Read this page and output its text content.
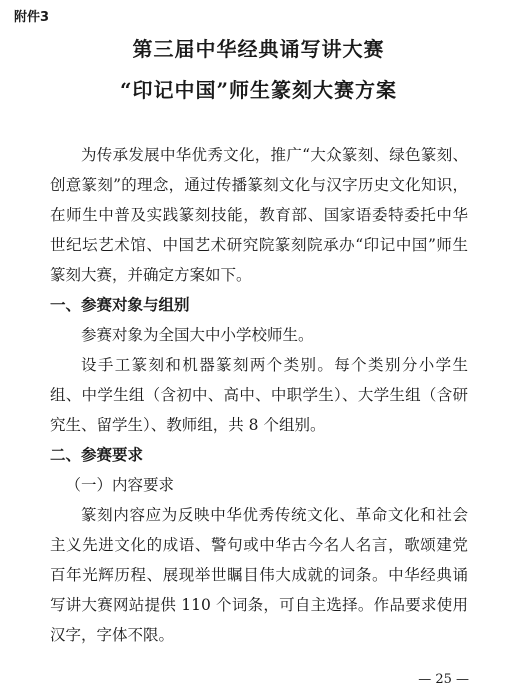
附件3
第三届中华经典诵写讲大赛
“印记中国”师生篆刻大赛方案

为传承发展中华优秀文化，推广“大众篆刻、绿色篆刻、创意篆刻”的理念，通过传播篆刻文化与汉字历史文化知识，在师生中普及实践篆刻技能，教育部、国家语委特委托中华世纪坛艺术馆、中国艺术研究院篆刻院承办“印记中国”师生篆刻大赛，并确定方案如下。

一、参赛对象与组别

参赛对象为全国大中小学校师生。

设手工篆刻和机器篆刻两个类别。每个类别分小学生组、中学生组（含初中、高中、中职学生）、大学生组（含研究生、留学生）、教师组，共 8 个组别。

二、参赛要求
（一）内容要求

篆刻内容应为反映中华优秀传统文化、革命文化和社会主义先进文化的成语、警句或中华古今名人名言，歌颂建党百年光辉历程、展现举世瞩目伟大成就的词条。中华经典诵写讲大赛网站提供 110 个词条，可自主选择。作品要求使用汉字，字体不限。

— 25 —
